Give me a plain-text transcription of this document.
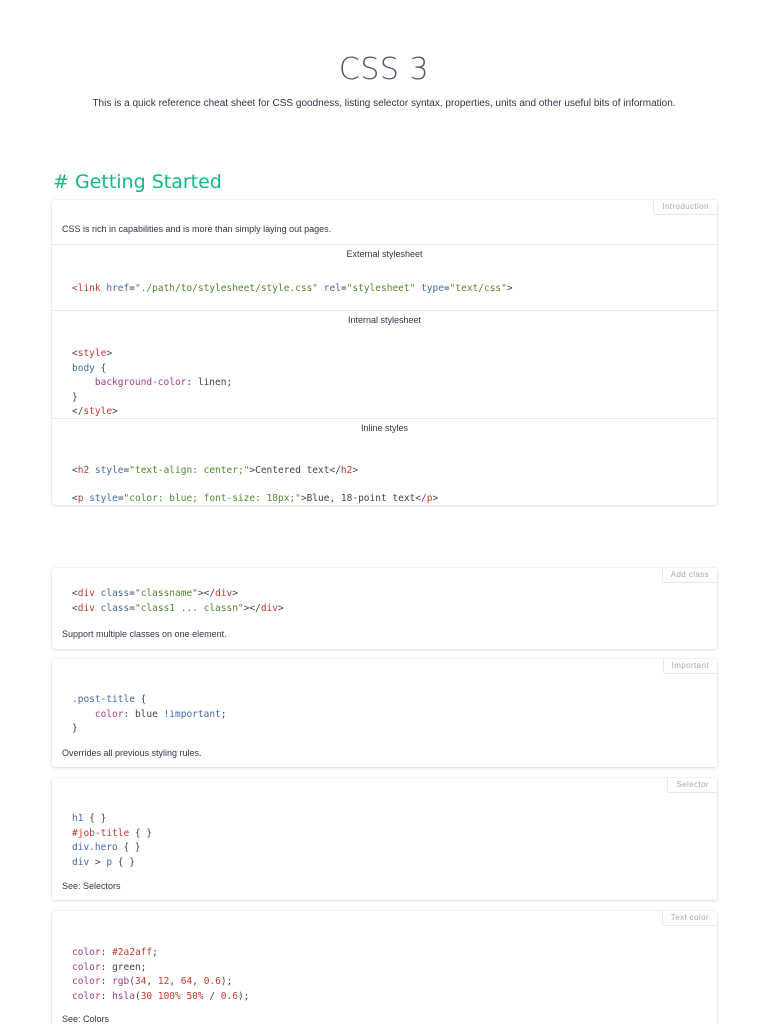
CSS 3
This is a quick reference cheat sheet for CSS goodness, listing selector syntax, properties, units and other useful bits of information.
# Getting Started
Introduction
CSS is rich in capabilities and is more than simply laying out pages.
External stylesheet
<link href="./path/to/stylesheet/style.css" rel="stylesheet" type="text/css">
Internal stylesheet
<style>
body {
background-color: linen;
}
</style>
Inline styles
<h2 style="text-align: center;">Centered text</h2>
<p style="color: blue; font-size: 18px;">Blue, 18-point text</p>
Add class
<div class="classname"></div>
<div class="class1 ... classn"></div>
Support multiple classes on one element.
Important
.post-title {
color: blue !important;
}
Overrides all previous styling rules.
Selector
h1 { }
#job-title { }
div.hero { }
div > p { }
See: Selectors
Text color
color: #2a2aff;
color: green;
color: rgb(34, 12, 64, 0.6);
color: hsla(30 100% 50% / 0.6);
See: Colors
